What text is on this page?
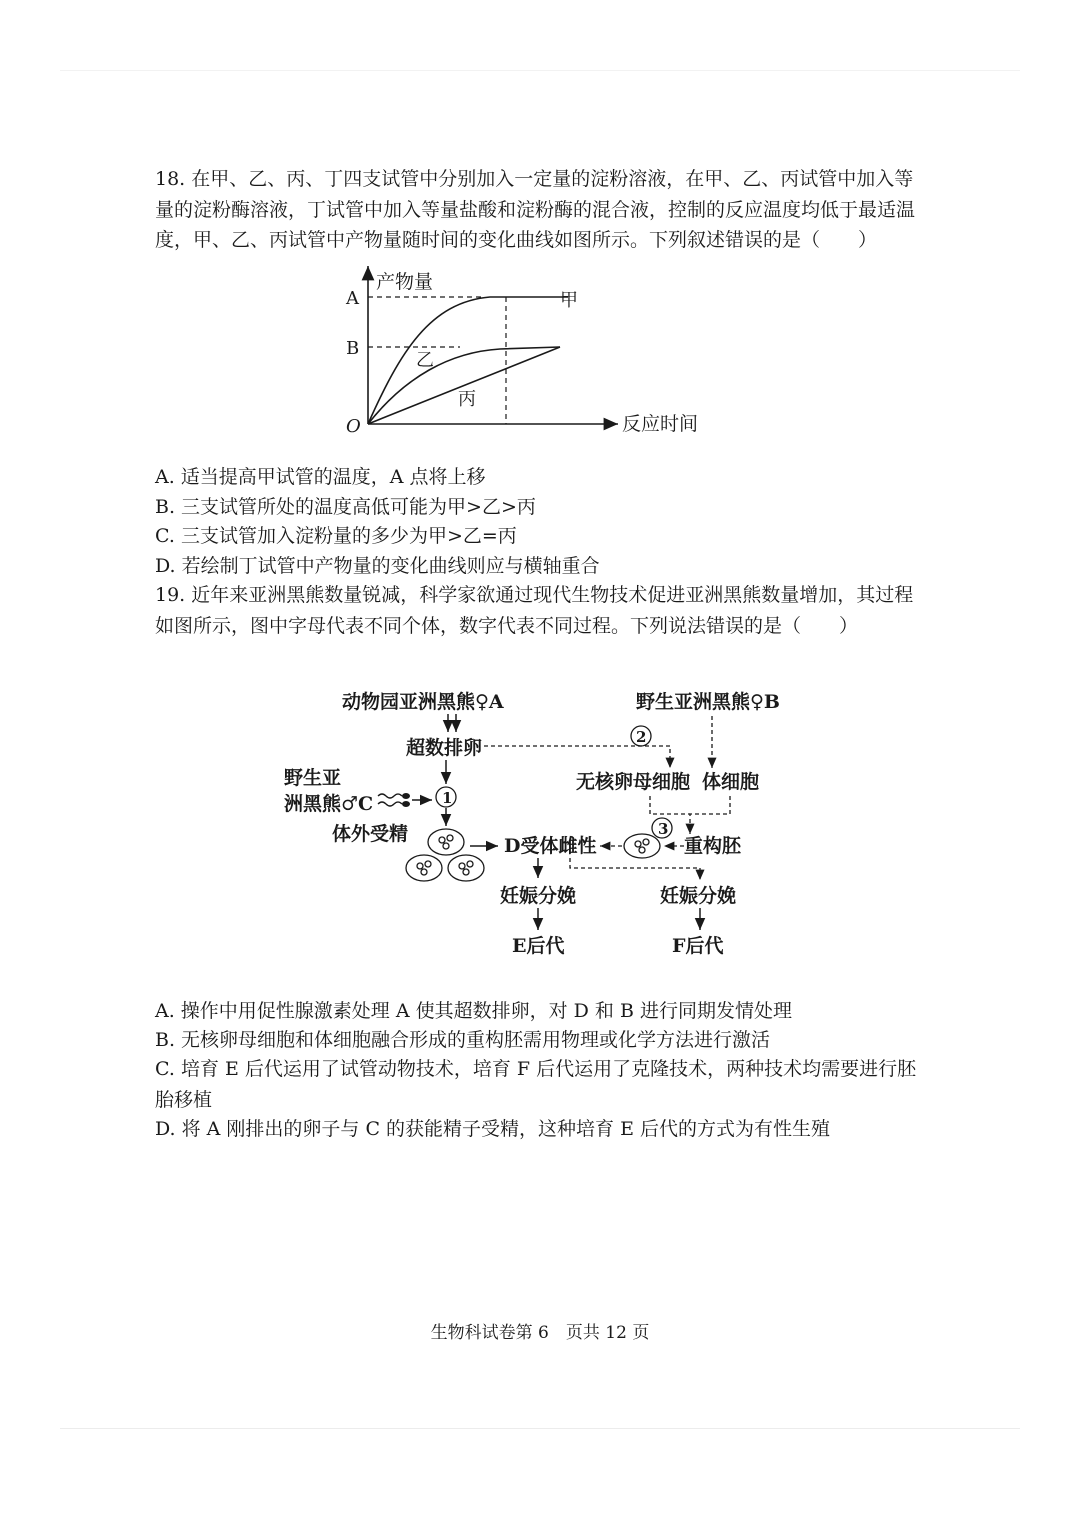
18. 在甲、乙、丙、丁四支试管中分别加入一定量的淀粉溶液，在甲、乙、丙试管中加入等量的淀粉酶溶液，丁试管中加入等量盐酸和淀粉酶的混合液，控制的反应温度均低于最适温度，甲、乙、丙试管中产物量随时间的变化曲线如图所示。下列叙述错误的是（　　）
产物量
反应时间
O
A
B
甲
乙
丙
A. 适当提高甲试管的温度，A 点将上移
B. 三支试管所处的温度高低可能为甲>乙>丙
C. 三支试管加入淀粉量的多少为甲>乙=丙
D. 若绘制丁试管中产物量的变化曲线则应与横轴重合
19. 近年来亚洲黑熊数量锐减，科学家欲通过现代生物技术促进亚洲黑熊数量增加，其过程如图所示，图中字母代表不同个体，数字代表不同过程。下列说法错误的是（　　）
动物园亚洲黑熊♀A	野生亚洲黑熊♀B
超数排卵	2
野生亚
洲黑熊♂C	1
无核卵母细胞 体细胞
体外受精
D受体雌性
3
重构胚
妊娠分娩	妊娠分娩
E后代	F后代
A. 操作中用促性腺激素处理 A 使其超数排卵，对 D 和 B 进行同期发情处理
B. 无核卵母细胞和体细胞融合形成的重构胚需用物理或化学方法进行激活
C. 培育 E 后代运用了试管动物技术，培育 F 后代运用了克隆技术，两种技术均需要进行胚胎移植
D. 将 A 刚排出的卵子与 C 的获能精子受精，这种培育 E 后代的方式为有性生殖
生物科试卷第 6　页共 12 页
